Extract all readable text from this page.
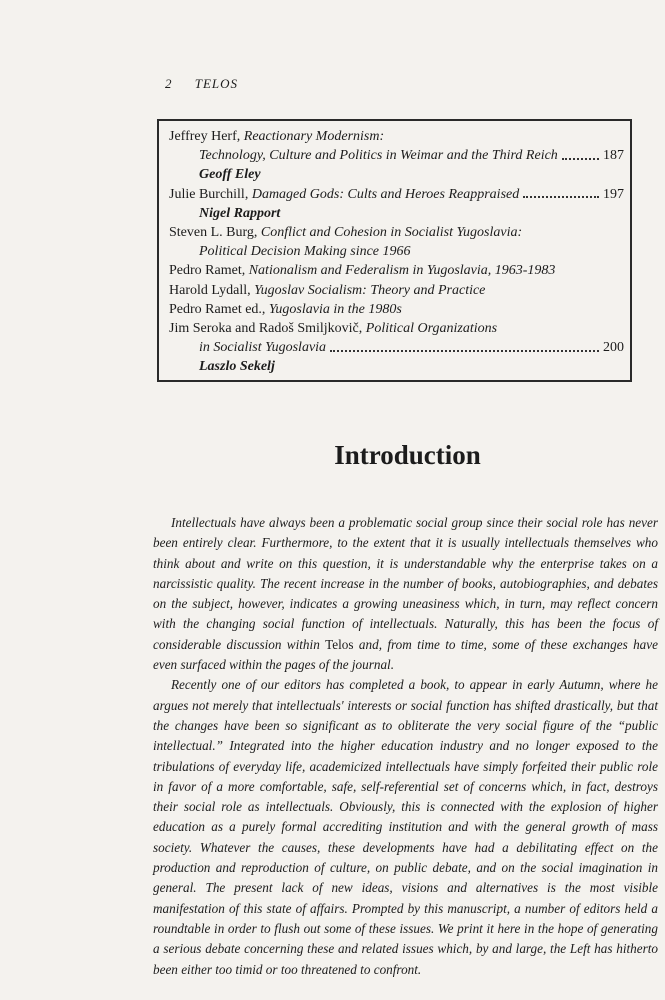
2 TELOS
Jeffrey Herf, Reactionary Modernism:
Technology, Culture and Politics in Weimar and the Third Reich	187
Geoff Eley
Julie Burchill,
Damaged Gods: Cults and Heroes Reappraised	197
Nigel Rapport
Steven L. Burg, Conflict and Cohesion in Socialist Yugoslavia:
Political Decision Making since 1966
Pedro Ramet, Nationalism and Federalism in Yugoslavia, 1963-1983
Harold Lydall, Yugoslav Socialism: Theory and Practice
Pedro Ramet ed., Yugoslavia in the 1980s
Jim Seroka and Radoš Smiljkovič, Political Organizations
in Socialist Yugoslavia	200
Laszlo Sekelj
Introduction

Intellectuals have always been a problematic social group since their social role has never been entirely clear. Furthermore, to the extent that it is usually intellectuals themselves who think about and write on this question, it is understandable why the enterprise takes on a narcissistic quality. The recent increase in the number of books, autobiographies, and debates on the subject, however, indicates a growing uneasiness which, in turn, may reflect concern with the changing social function of intellectuals. Naturally, this has been the focus of considerable discussion within Telos and, from time to time, some of these exchanges have even surfaced within the pages of the journal.

Recently one of our editors has completed a book, to appear in early Autumn, where he argues not merely that intellectuals' interests or social function has shifted drastically, but that the changes have been so significant as to obliterate the very social figure of the “public intellectual.” Integrated into the higher education industry and no longer exposed to the tribulations of everyday life, academicized intellectuals have simply forfeited their public role in favor of a more comfortable, safe, self-referential set of concerns which, in fact, destroys their social role as intellectuals. Obviously, this is connected with the explosion of higher education as a purely formal accrediting institution and with the general growth of mass society. Whatever the causes, these developments have had a debilitating effect on the production and reproduction of culture, on public debate, and on the social imagination in general. The present lack of new ideas, visions and alternatives is the most visible manifestation of this state of affairs. Prompted by this manuscript, a number of editors held a roundtable in order to flush out some of these issues. We print it here in the hope of generating a serious debate concerning these and related issues which, by and large, the Left has hitherto been either too timid or too threatened to confront.
